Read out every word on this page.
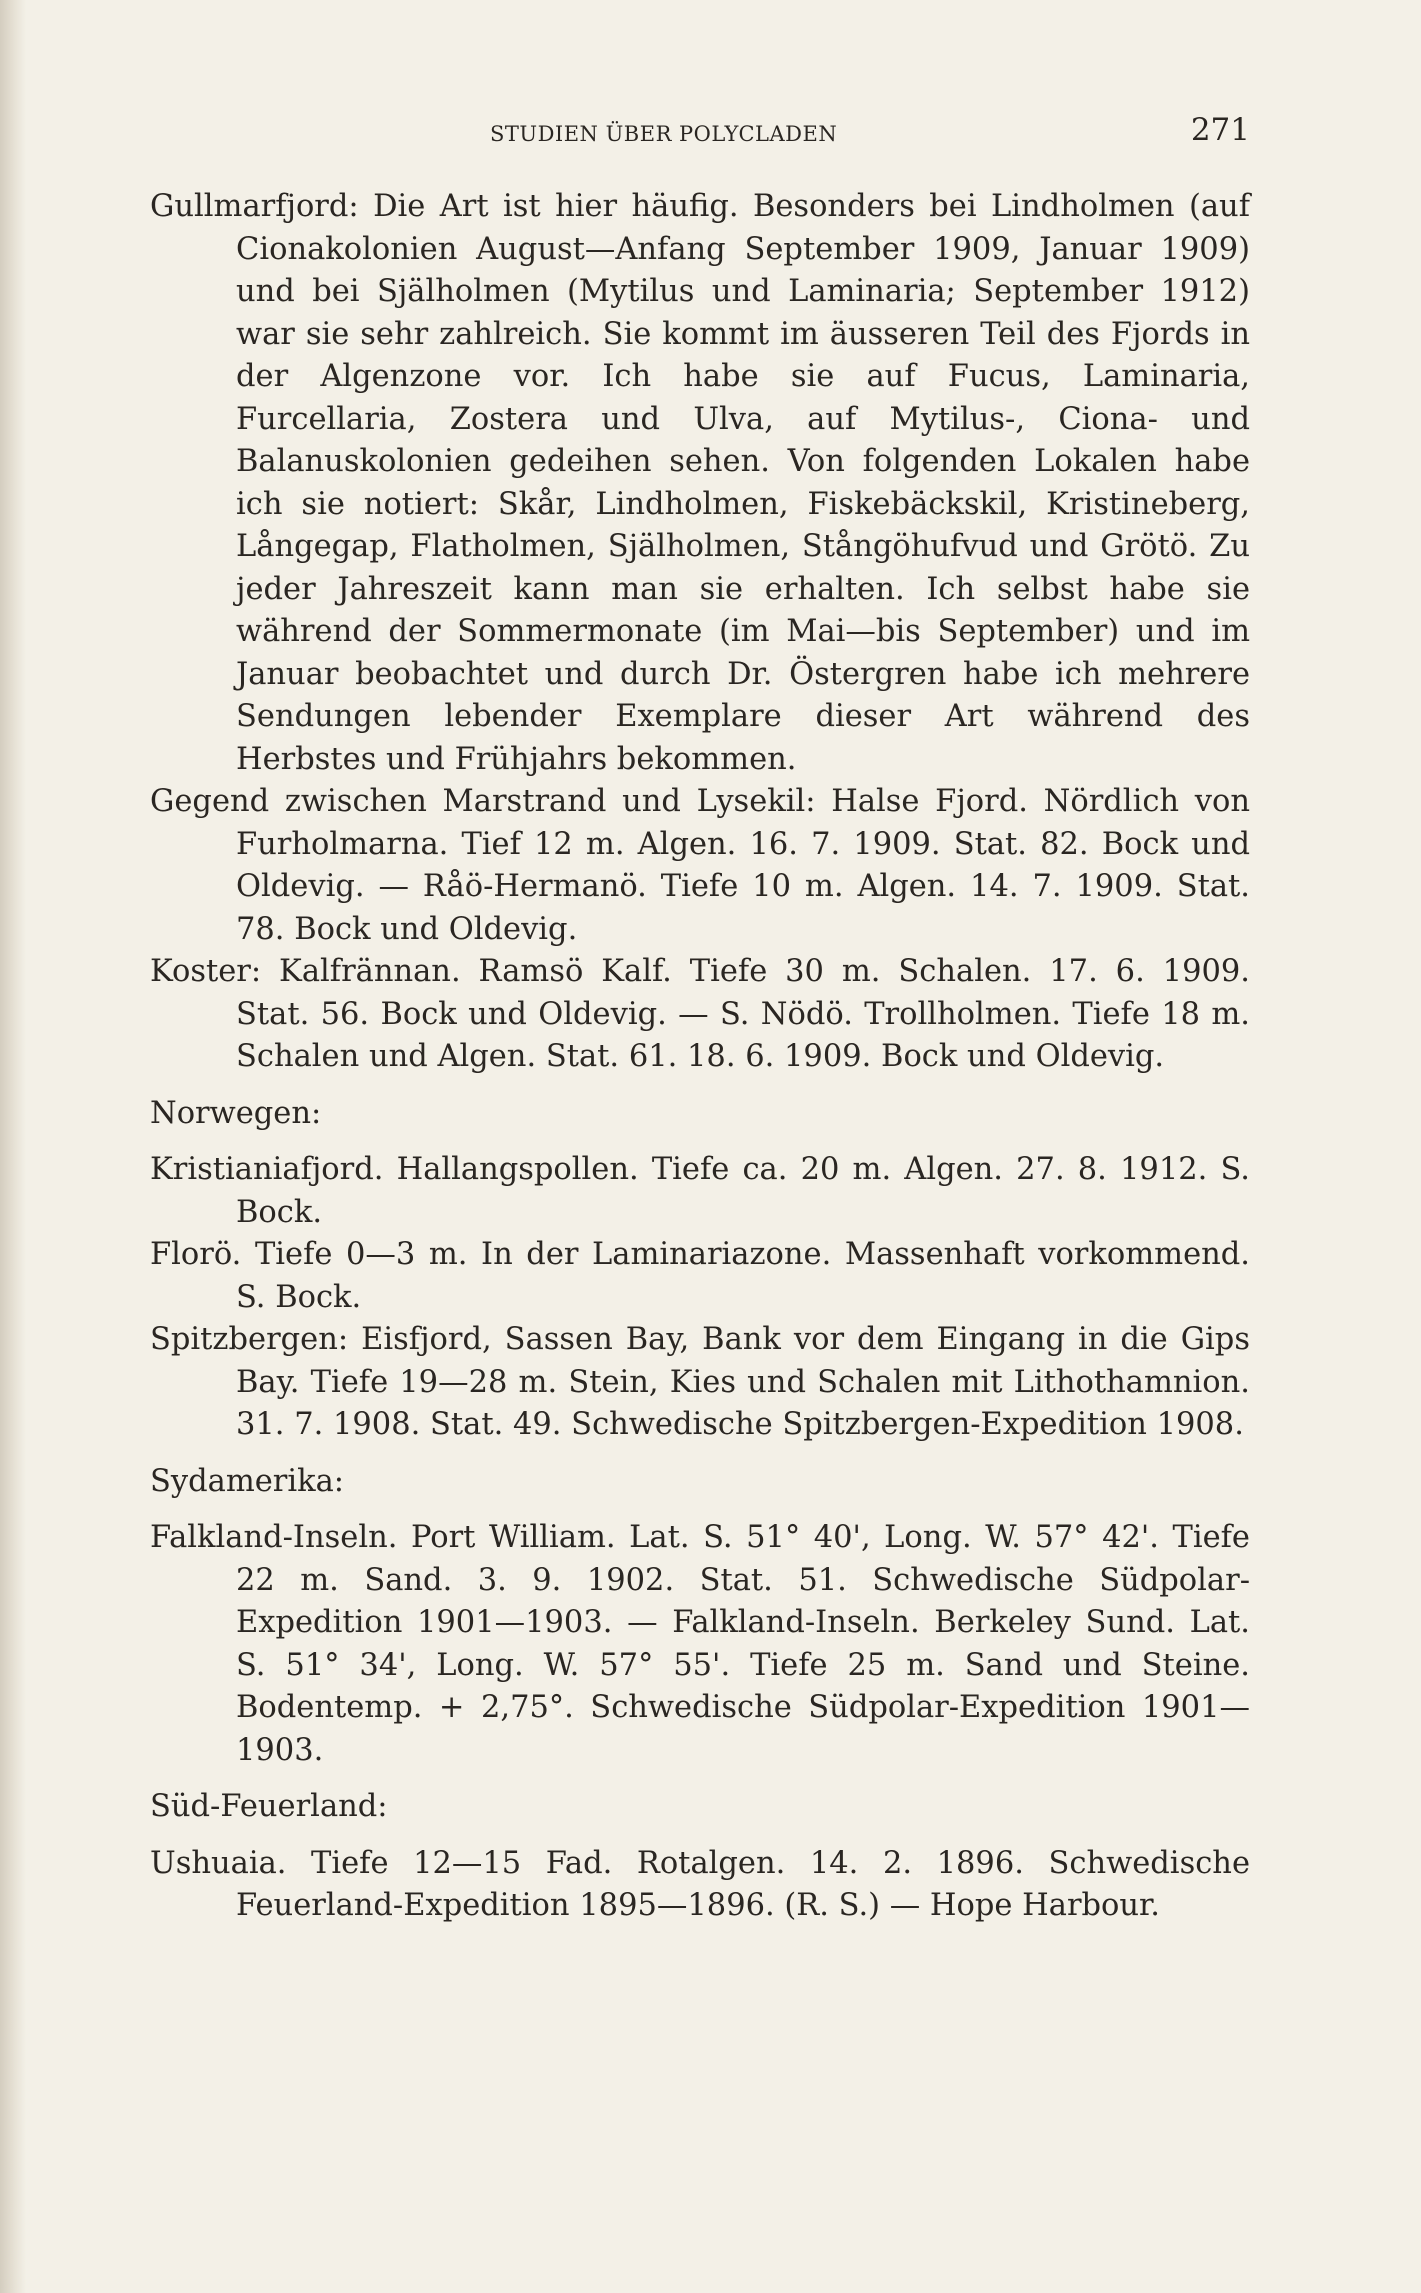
STUDIEN ÜBER POLYCLADEN	271

Gullmarfjord: Die Art ist hier häufig. Besonders bei Lindholmen (auf Cionakolonien August—Anfang September 1909, Januar 1909) und bei Själholmen (Mytilus und Laminaria; September 1912) war sie sehr zahlreich. Sie kommt im äusseren Teil des Fjords in der Algenzone vor. Ich habe sie auf Fucus, Laminaria, Furcellaria, Zostera und Ulva, auf Mytilus-, Ciona- und Balanuskolonien gedeihen sehen. Von folgenden Lokalen habe ich sie notiert: Skår, Lindholmen, Fiskebäckskil, Kristineberg, Långegap, Flatholmen, Själholmen, Stångöhufvud und Grötö. Zu jeder Jahreszeit kann man sie erhalten. Ich selbst habe sie während der Sommermonate (im Mai—bis September) und im Januar beobachtet und durch Dr. Östergren habe ich mehrere Sendungen lebender Exemplare dieser Art während des Herbstes und Frühjahrs bekommen.

Gegend zwischen Marstrand und Lysekil: Halse Fjord. Nördlich von Furholmarna. Tief 12 m. Algen. 16. 7. 1909. Stat. 82. Bock und Oldevig. — Råö-Hermanö. Tiefe 10 m. Algen. 14. 7. 1909. Stat. 78. Bock und Oldevig.

Koster: Kalfrännan. Ramsö Kalf. Tiefe 30 m. Schalen. 17. 6. 1909. Stat. 56. Bock und Oldevig. — S. Nödö. Trollholmen. Tiefe 18 m. Schalen und Algen. Stat. 61. 18. 6. 1909. Bock und Oldevig.

Norwegen:

Kristianiafjord. Hallangspollen. Tiefe ca. 20 m. Algen. 27. 8. 1912. S. Bock.

Florö. Tiefe 0—3 m. In der Laminariazone. Massenhaft vorkommend. S. Bock.

Spitzbergen: Eisfjord, Sassen Bay, Bank vor dem Eingang in die Gips Bay. Tiefe 19—28 m. Stein, Kies und Schalen mit Lithothamnion. 31. 7. 1908. Stat. 49. Schwedische Spitzbergen-Expedition 1908.

Sydamerika:

Falkland-Inseln. Port William. Lat. S. 51° 40', Long. W. 57° 42'. Tiefe 22 m. Sand. 3. 9. 1902. Stat. 51. Schwedische Südpolar-Expedition 1901—1903. — Falkland-Inseln. Berkeley Sund. Lat. S. 51° 34', Long. W. 57° 55'. Tiefe 25 m. Sand und Steine. Bodentemp. + 2,75°. Schwedische Südpolar-Expedition 1901—1903.

Süd-Feuerland:

Ushuaia. Tiefe 12—15 Fad. Rotalgen. 14. 2. 1896. Schwedische Feuerland-Expedition 1895—1896. (R. S.) — Hope Harbour.
